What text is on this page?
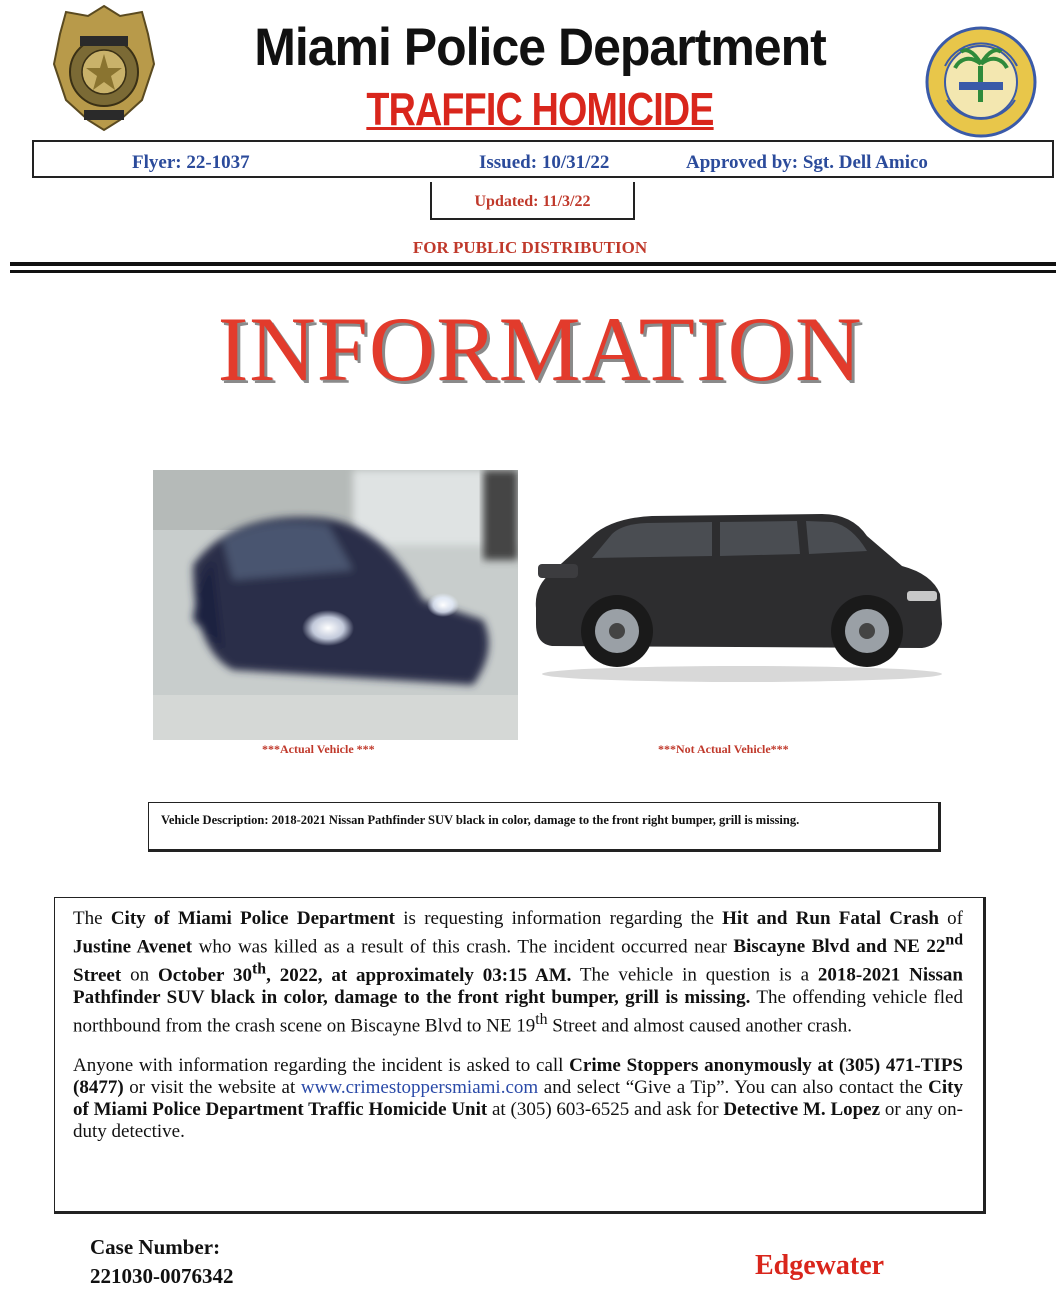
Miami Police Department
TRAFFIC HOMICIDE
Flyer: 22-1037	Issued: 10/31/22	Approved by: Sgt. Dell Amico
Updated: 11/3/22
FOR PUBLIC DISTRIBUTION
INFORMATION
***Actual Vehicle ***	***Not Actual Vehicle***
Vehicle Description: 2018-2021 Nissan Pathfinder SUV black in color, damage to the front right bumper, grill is missing.

The City of Miami Police Department is requesting information regarding the Hit and Run Fatal Crash of Justine Avenet who was killed as a result of this crash. The incident occurred near Biscayne Blvd and NE 22nd Street on October 30th, 2022, at approximately 03:15 AM. The vehicle in question is a 2018-2021 Nissan Pathfinder SUV black in color, damage to the front right bumper, grill is missing. The offending vehicle fled northbound from the crash scene on Biscayne Blvd to NE 19th Street and almost caused another crash.

Anyone with information regarding the incident is asked to call Crime Stoppers anonymously at (305) 471-TIPS (8477) or visit the website at www.crimestoppersmiami.com and select “Give a Tip”. You can also contact the City of Miami Police Department Traffic Homicide Unit at (305) 603-6525 and ask for Detective M. Lopez or any on-duty detective.

Case Number:
221030-0076342	Edgewater
